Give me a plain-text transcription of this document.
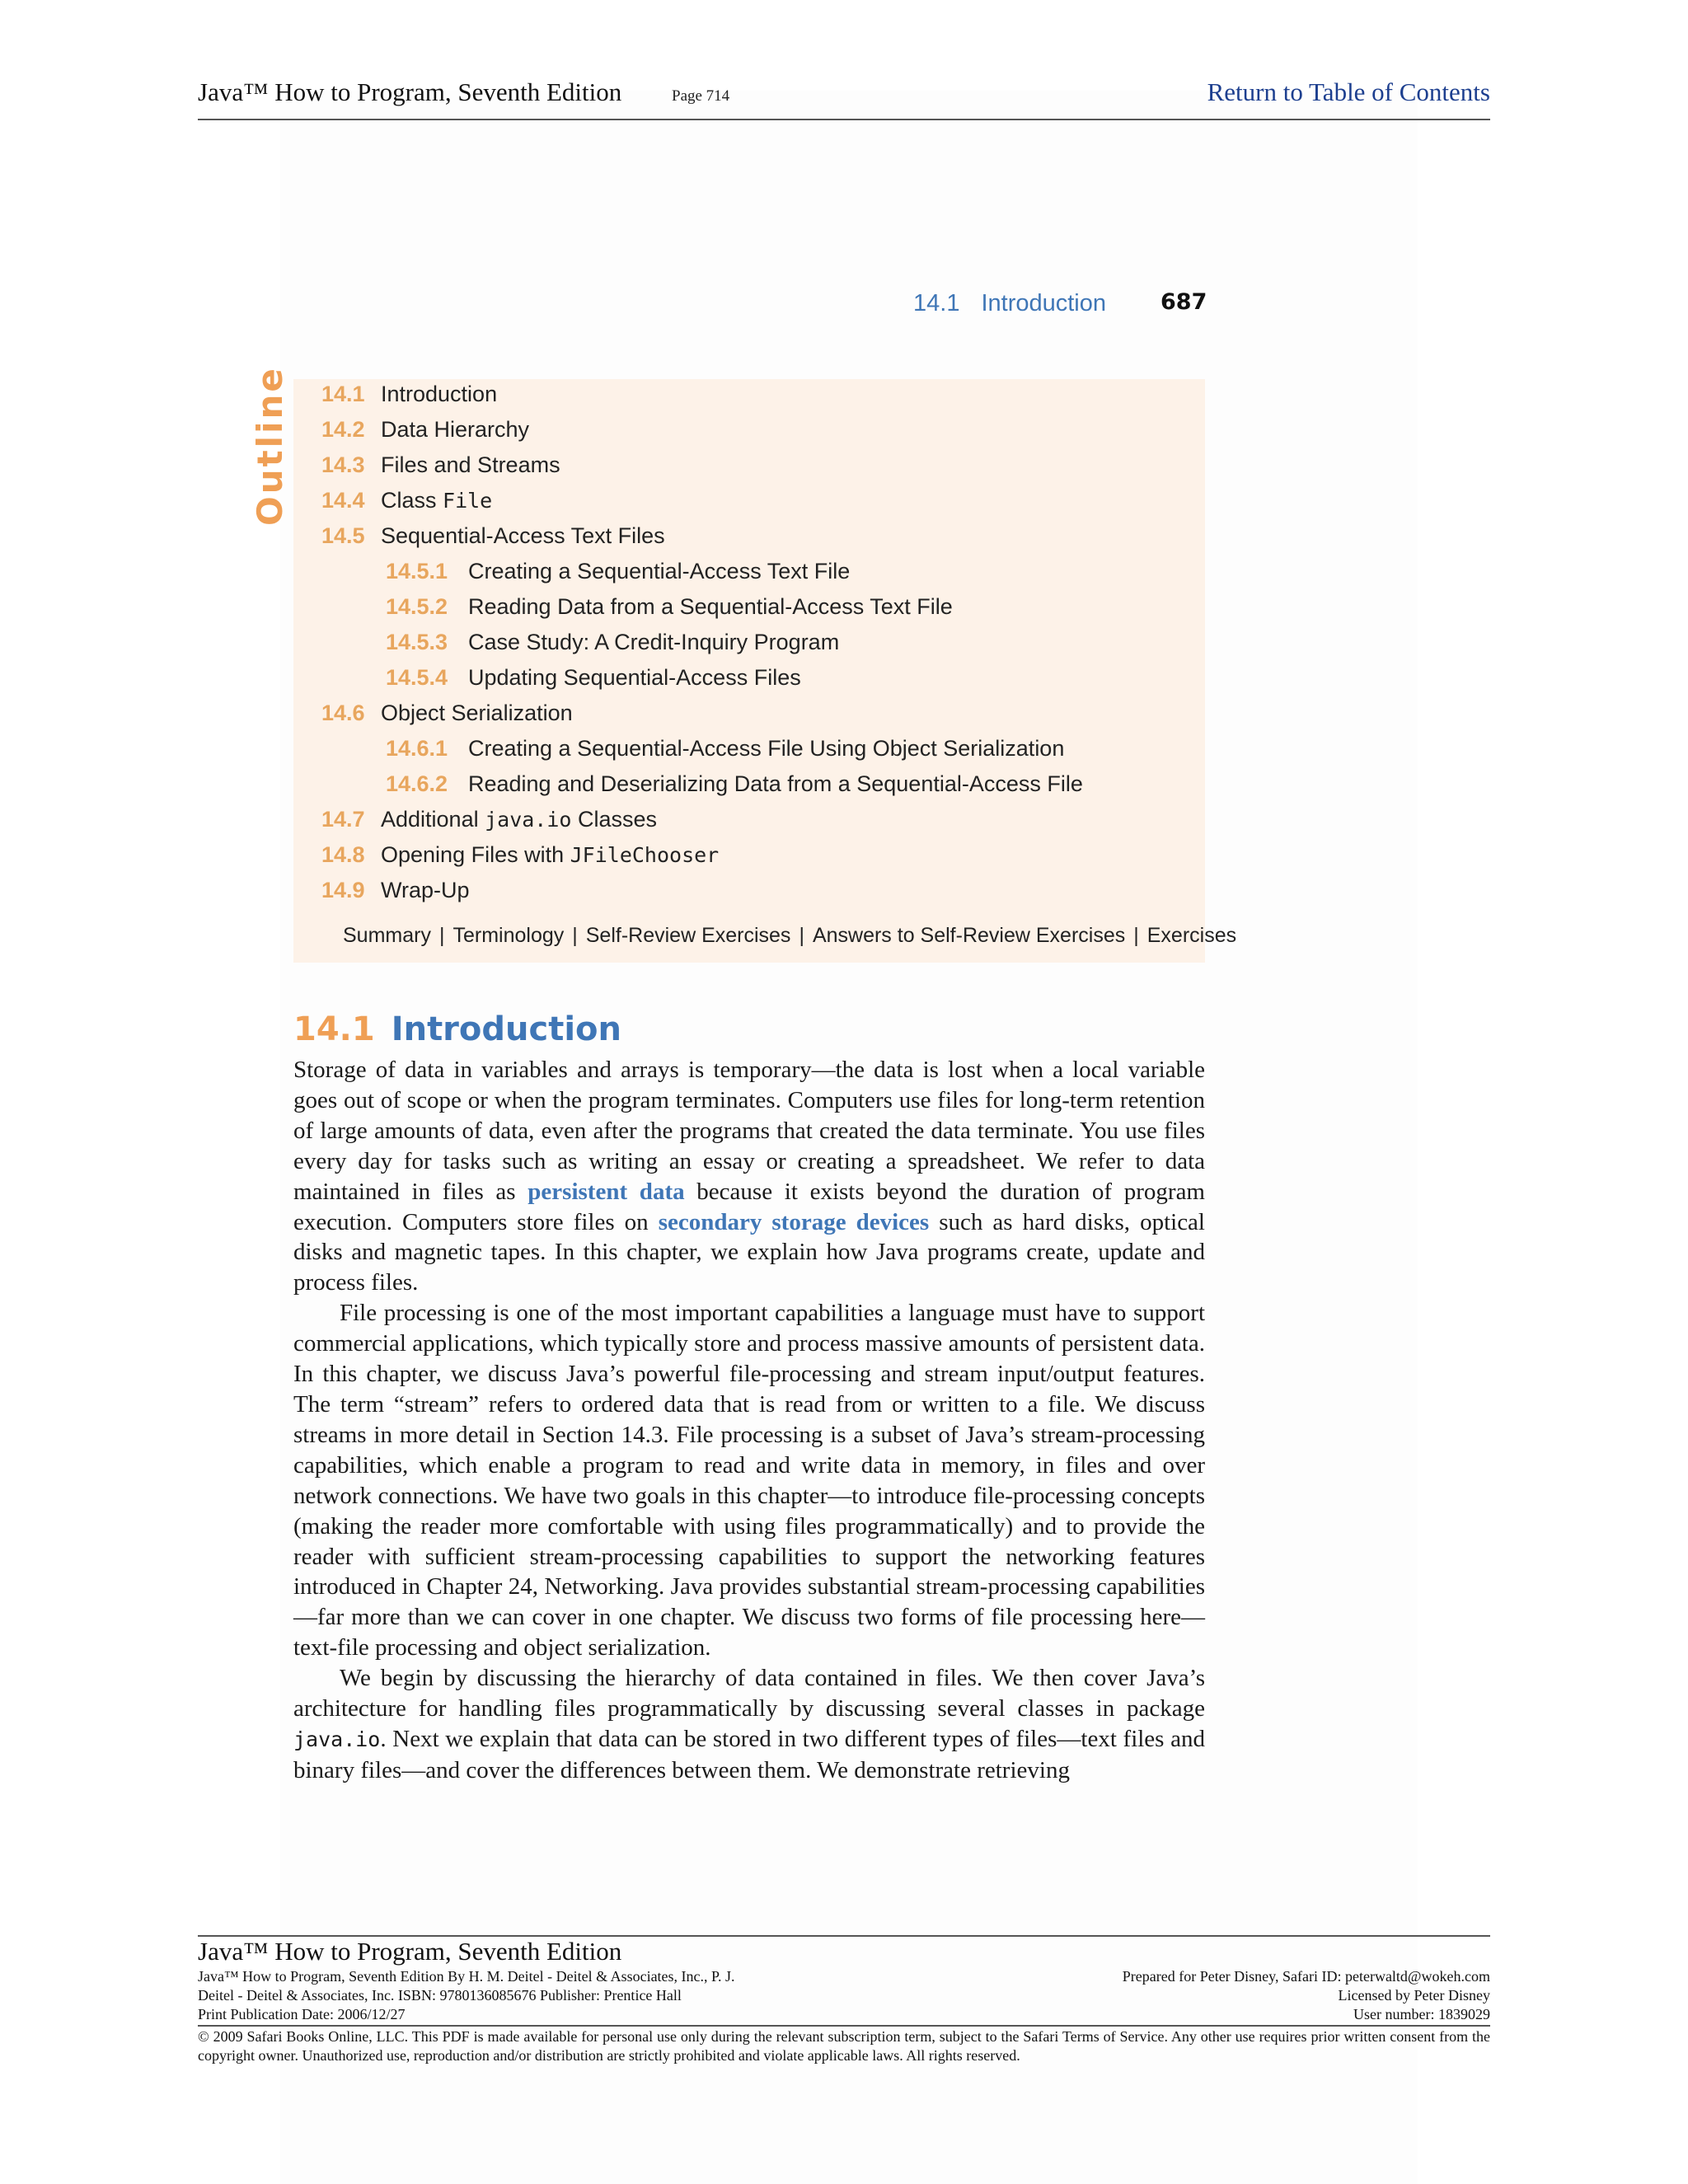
Java™ How to Program, Seventh Edition	Page 714	Return to Table of Contents
14.1 Introduction 687
Outline 14.1 Introduction
14.2 Data Hierarchy
14.3 Files and Streams
14.4 Class File
14.5 Sequential-Access Text Files
14.5.1 Creating a Sequential-Access Text File
14.5.2 Reading Data from a Sequential-Access Text File
14.5.3 Case Study: A Credit-Inquiry Program
14.5.4 Updating Sequential-Access Files
14.6 Object Serialization
14.6.1 Creating a Sequential-Access File Using Object Serialization
14.6.2 Reading and Deserializing Data from a Sequential-Access File
14.7 Additional java.io Classes
14.8 Opening Files with JFileChooser
14.9 Wrap-Up
Summary | Terminology | Self-Review Exercises | Answers to Self-Review Exercises | Exercises
14.1 Introduction

Storage of data in variables and arrays is temporary—the data is lost when a local variable goes out of scope or when the program terminates. Computers use files for long-term retention of large amounts of data, even after the programs that created the data terminate. You use files every day for tasks such as writing an essay or creating a spreadsheet. We refer to data maintained in files as persistent data because it exists beyond the duration of program execution. Computers store files on secondary storage devices such as hard disks, optical disks and magnetic tapes. In this chapter, we explain how Java programs create, update and process files.

File processing is one of the most important capabilities a language must have to support commercial applications, which typically store and process massive amounts of persistent data. In this chapter, we discuss Java’s powerful file-processing and stream input/output features. The term “stream” refers to ordered data that is read from or written to a file. We discuss streams in more detail in Section 14.3. File processing is a subset of Java’s stream-processing capabilities, which enable a program to read and write data in memory, in files and over network connections. We have two goals in this chapter—to introduce file-processing concepts (making the reader more comfortable with using files programmatically) and to provide the reader with sufficient stream-processing capabilities to support the networking features introduced in Chapter 24, Networking. Java provides substantial stream-processing capabilities—far more than we can cover in one chapter. We discuss two forms of file processing here—text-file processing and object serialization.

We begin by discussing the hierarchy of data contained in files. We then cover Java’s architecture for handling files programmatically by discussing several classes in package java.io. Next we explain that data can be stored in two different types of files—text files and binary files—and cover the differences between them. We demonstrate retrieving

Java™ How to Program, Seventh Edition
Java™ How to Program, Seventh Edition By H. M. Deitel - Deitel & Associates, Inc., P. J.
Deitel - Deitel & Associates, Inc. ISBN: 9780136085676 Publisher: Prentice Hall
Print Publication Date: 2006/12/27
Prepared for Peter Disney, Safari ID: peterwaltd@wokeh.com
Licensed by Peter Disney
User number: 1839029
© 2009 Safari Books Online, LLC. This PDF is made available for personal use only during the relevant subscription term, subject to the Safari Terms of Service. Any other use requires prior written consent from the copyright owner. Unauthorized use, reproduction and/or distribution are strictly prohibited and violate applicable laws. All rights reserved.
